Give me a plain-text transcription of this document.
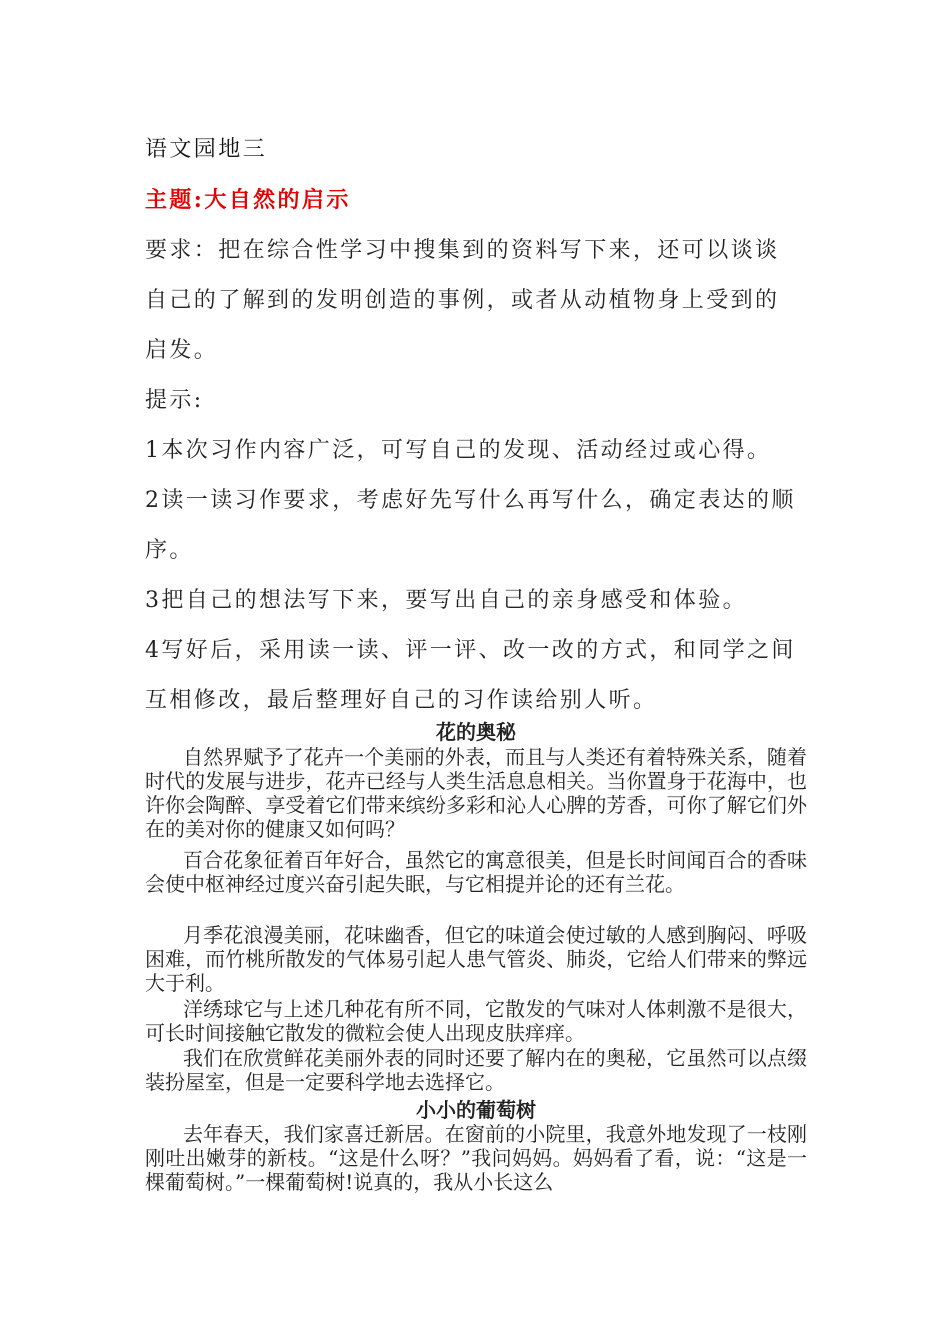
语文园地三
主题:大自然的启示
要求：把在综合性学习中搜集到的资料写下来，还可以谈谈
自己的了解到的发明创造的事例，或者从动植物身上受到的
启发。
提示:
1本次习作内容广泛，可写自己的发现、活动经过或心得。
2读一读习作要求，考虑好先写什么再写什么，确定表达的顺
序。
3把自己的想法写下来，要写出自己的亲身感受和体验。
4写好后，采用读一读、评一评、改一改的方式，和同学之间
互相修改，最后整理好自己的习作读给别人听。
花的奥秘
自然界赋予了花卉一个美丽的外表，而且与人类还有着特殊关系，随着时代的发展与进步，花卉已经与人类生活息息相关。当你置身于花海中，也许你会陶醉、享受着它们带来缤纷多彩和沁人心脾的芳香，可你了解它们外在的美对你的健康又如何吗？
百合花象征着百年好合，虽然它的寓意很美，但是长时间闻百合的香味会使中枢神经过度兴奋引起失眠，与它相提并论的还有兰花。
月季花浪漫美丽，花味幽香，但它的味道会使过敏的人感到胸闷、呼吸困难，而竹桃所散发的气体易引起人患气管炎、肺炎，它给人们带来的弊远大于利。
洋绣球它与上述几种花有所不同，它散发的气味对人体刺激不是很大，可长时间接触它散发的微粒会使人出现皮肤痒痒。
我们在欣赏鲜花美丽外表的同时还要了解内在的奥秘，它虽然可以点缀装扮屋室，但是一定要科学地去选择它。
小小的葡萄树
去年春天，我们家喜迁新居。在窗前的小院里，我意外地发现了一枝刚刚吐出嫩芽的新枝。“这是什么呀？”我问妈妈。妈妈看了看，说：“这是一棵葡萄树。”一棵葡萄树!说真的，我从小长这么
